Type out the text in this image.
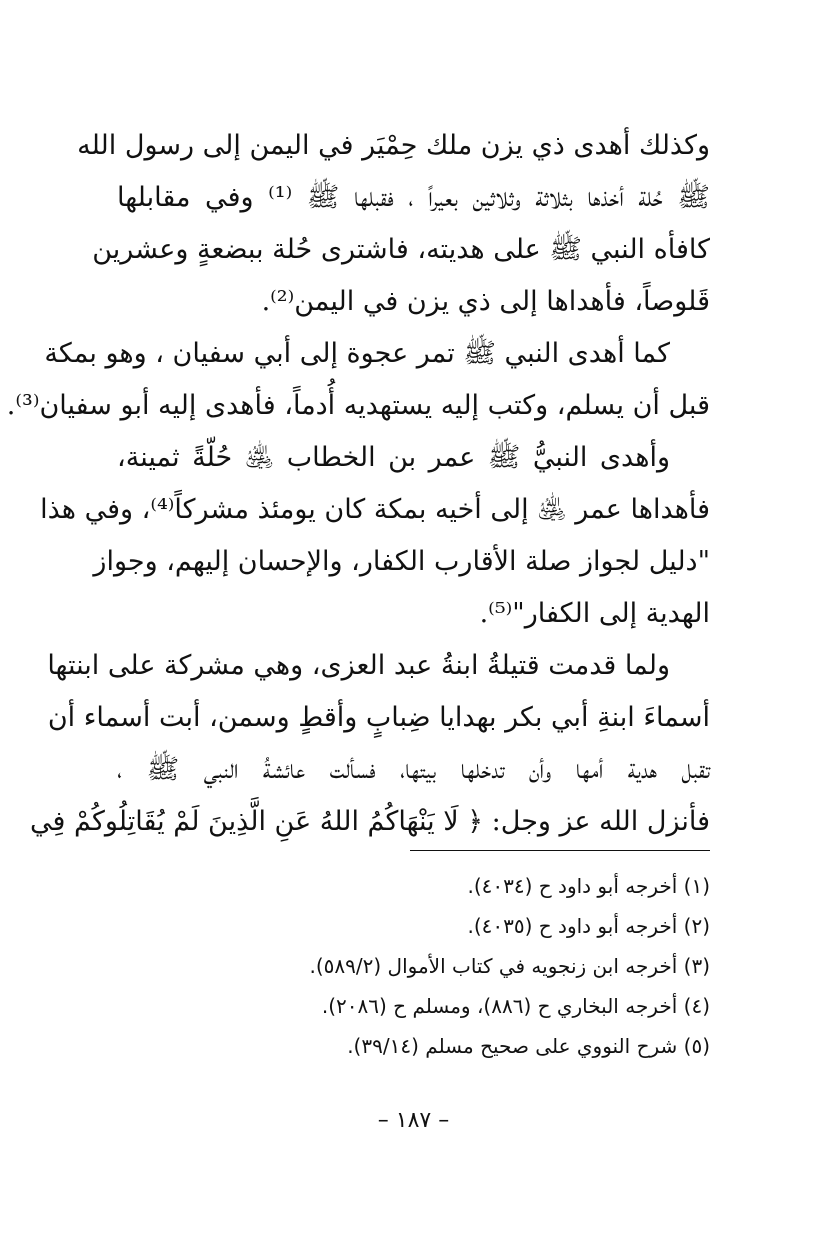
وكذلك أهدى ذي يزن ملك حِمْيَر في اليمن إلى رسول الله
ﷺ حُلة أخذها بثلاثة وثلاثين بعيراً ، فقبلها ﷺ ⁽¹⁾ وفي مقابلها
كافأه النبي ﷺ على هديته، فاشترى حُلة ببضعةٍ وعشرين
قَلوصاً، فأهداها إلى ذي يزن في اليمن⁽²⁾.
كما أهدى النبي ﷺ تمر عجوة إلى أبي سفيان ، وهو بمكة
قبل أن يسلم، وكتب إليه يستهديه أُدماً، فأهدى إليه أبو سفيان⁽³⁾.
وأهدى النبيُّ ﷺ عمر بن الخطاب ﵁ حُلّةً ثمينة،
فأهداها عمر ﵁ إلى أخيه بمكة كان يومئذ مشركاً⁽⁴⁾، وفي هذا
"دليل لجواز صلة الأقارب الكفار، والإحسان إليهم، وجواز
الهدية إلى الكفار"⁽⁵⁾.
ولما قدمت قتيلةُ ابنةُ عبد العزى، وهي مشركة على ابنتها
أسماءَ ابنةِ أبي بكر بهدايا ضِبابٍ وأقطٍ وسمن، أبت أسماء أن
تقبل هدية أمها وأن تدخلها بيتها، فسألت عائشةُ النبي ﷺ ،
فأنزل الله عز وجل: ﴿ لَا يَنْهَاكُمُ اللهُ عَنِ الَّذِينَ لَمْ يُقَاتِلُوكُمْ فِي
(١) أخرجه أبو داود ح (٤٠٣٤).
(٢) أخرجه أبو داود ح (٤٠٣٥).
(٣) أخرجه ابن زنجويه في كتاب الأموال (٥٨٩/٢).
(٤) أخرجه البخاري ح (٨٨٦)، ومسلم ح (٢٠٨٦).
(٥) شرح النووي على صحيح مسلم (٣٩/١٤).
– ١٨٧ –
